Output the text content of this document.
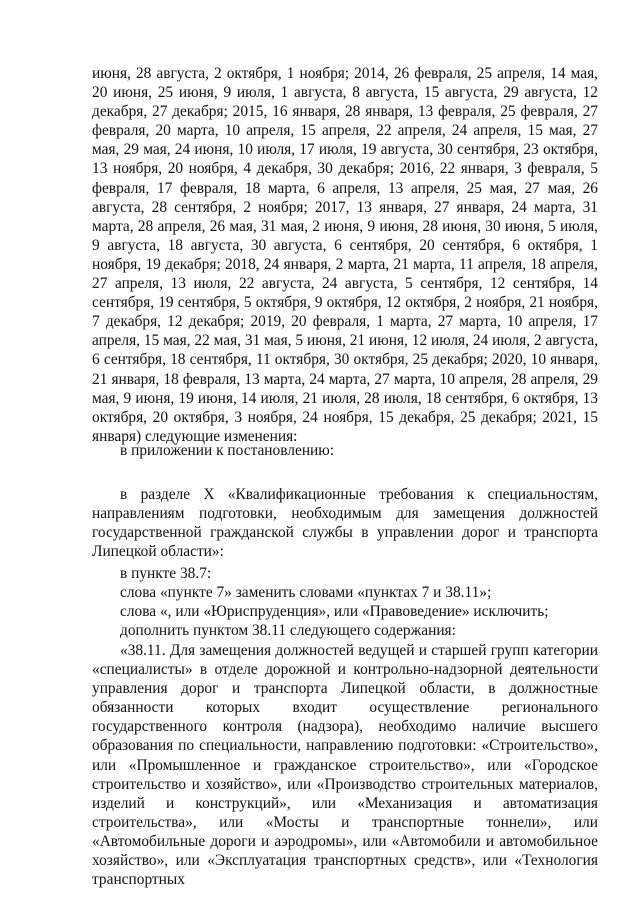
июня, 28 августа, 2 октября, 1 ноября; 2014, 26 февраля, 25 апреля, 14 мая, 20 июня, 25 июня, 9 июля, 1 августа, 8 августа, 15 августа, 29 августа, 12 декабря, 27 декабря; 2015, 16 января, 28 января, 13 февраля, 25 февраля, 27 февраля, 20 марта, 10 апреля, 15 апреля, 22 апреля, 24 апреля, 15 мая, 27 мая, 29 мая, 24 июня, 10 июля, 17 июля, 19 августа, 30 сентября, 23 октября, 13 ноября, 20 ноября, 4 декабря, 30 декабря; 2016, 22 января, 3 февраля, 5 февраля, 17 февраля, 18 марта, 6 апреля, 13 апреля, 25 мая, 27 мая, 26 августа, 28 сентября, 2 ноября; 2017, 13 января, 27 января, 24 марта, 31 марта, 28 апреля, 26 мая, 31 мая, 2 июня, 9 июня, 28 июня, 30 июня, 5 июля, 9 августа, 18 августа, 30 августа, 6 сентября, 20 сентября, 6 октября, 1 ноября, 19 декабря; 2018, 24 января, 2 марта, 21 марта, 11 апреля, 18 апреля, 27 апреля, 13 июля, 22 августа, 24 августа, 5 сентября, 12 сентября, 14 сентября, 19 сентября, 5 октября, 9 октября, 12 октября, 2 ноября, 21 ноября, 7 декабря, 12 декабря; 2019, 20 февраля, 1 марта, 27 марта, 10 апреля, 17 апреля, 15 мая, 22 мая, 31 мая, 5 июня, 21 июня, 12 июля, 24 июля, 2 августа, 6 сентября, 18 сентября, 11 октября, 30 октября, 25 декабря; 2020, 10 января, 21 января, 18 февраля, 13 марта, 24 марта, 27 марта, 10 апреля, 28 апреля, 29 мая, 9 июня, 19 июня, 14 июля, 21 июля, 28 июля, 18 сентября, 6 октября, 13 октября, 20 октября, 3 ноября, 24 ноября, 15 декабря, 25 декабря; 2021, 15 января) следующие изменения:

в приложении к постановлению:

в разделе X «Квалификационные требования к специальностям, направлениям подготовки, необходимым для замещения должностей государственной гражданской службы в управлении дорог и транспорта Липецкой области»:

в пункте 38.7:

слова «пункте 7» заменить словами «пунктах 7 и 38.11»;

слова «, или «Юриспруденция», или «Правоведение» исключить;

дополнить пунктом 38.11 следующего содержания:

«38.11. Для замещения должностей ведущей и старшей групп категории «специалисты» в отделе дорожной и контрольно-надзорной деятельности управления дорог и транспорта Липецкой области, в должностные обязанности которых входит осуществление регионального государственного контроля (надзора), необходимо наличие высшего образования по специальности, направлению подготовки: «Строительство», или «Промышленное и гражданское строительство», или «Городское строительство и хозяйство», или «Производство строительных материалов, изделий и конструкций», или «Механизация и автоматизация строительства», или «Мосты и транспортные тоннели», или «Автомобильные дороги и аэродромы», или «Автомобили и автомобильное хозяйство», или «Эксплуатация транспортных средств», или «Технология транспортных
